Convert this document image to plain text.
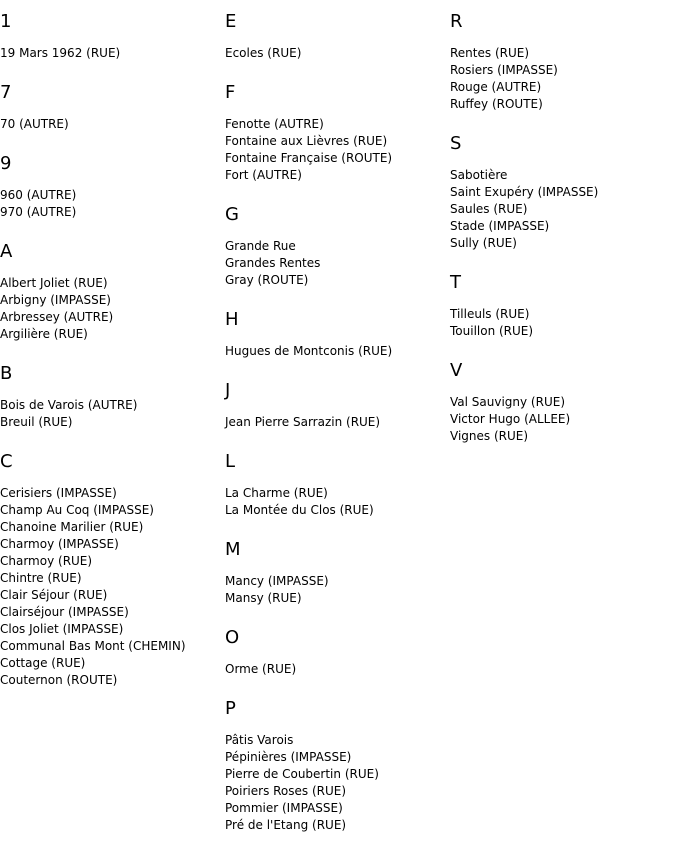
1
19 Mars 1962 (RUE)
7
70 (AUTRE)
9
960 (AUTRE)
970 (AUTRE)
A
Albert Joliet (RUE)
Arbigny (IMPASSE)
Arbressey (AUTRE)
Argilière (RUE)
B
Bois de Varois (AUTRE)
Breuil (RUE)
C
Cerisiers (IMPASSE)
Champ Au Coq (IMPASSE)
Chanoine Marilier (RUE)
Charmoy (IMPASSE)
Charmoy (RUE)
Chintre (RUE)
Clair Séjour (RUE)
Clairséjour (IMPASSE)
Clos Joliet (IMPASSE)
Communal Bas Mont (CHEMIN)
Cottage (RUE)
Couternon (ROUTE)
E
Ecoles (RUE)
F
Fenotte (AUTRE)
Fontaine aux Lièvres (RUE)
Fontaine Française (ROUTE)
Fort (AUTRE)
G
Grande Rue
Grandes Rentes
Gray (ROUTE)
H
Hugues de Montconis (RUE)
J
Jean Pierre Sarrazin (RUE)
L
La Charme (RUE)
La Montée du Clos (RUE)
M
Mancy (IMPASSE)
Mansy (RUE)
O
Orme (RUE)
P
Pâtis Varois
Pépinières (IMPASSE)
Pierre de Coubertin (RUE)
Poiriers Roses (RUE)
Pommier (IMPASSE)
Pré de l'Etang (RUE)
R
Rentes (RUE)
Rosiers (IMPASSE)
Rouge (AUTRE)
Ruffey (ROUTE)
S
Sabotière
Saint Exupéry (IMPASSE)
Saules (RUE)
Stade (IMPASSE)
Sully (RUE)
T
Tilleuls (RUE)
Touillon (RUE)
V
Val Sauvigny (RUE)
Victor Hugo (ALLEE)
Vignes (RUE)
